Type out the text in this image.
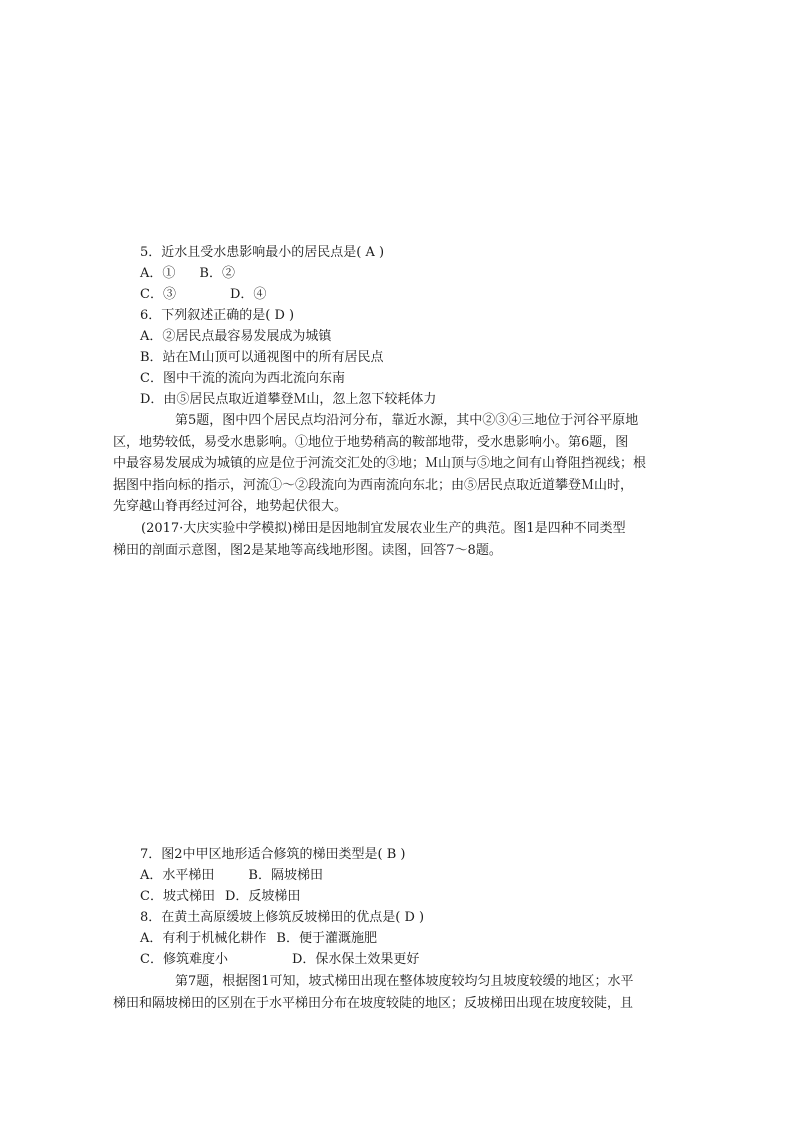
5．近水且受水患影响最小的居民点是( A )
A．① B．②
C．③	D．④
6．下列叙述正确的是( D )
A．②居民点最容易发展成为城镇
B．站在Ｍ山顶可以通视图中的所有居民点
C．图中干流的流向为西北流向东南
D．由⑤居民点取近道攀登Ｍ山，忽上忽下较耗体力
第5题，图中四个居民点均沿河分布，靠近水源，其中②③④三地位于河谷平原地
区，地势较低，易受水患影响。①地位于地势稍高的鞍部地带，受水患影响小。第6题，图
中最容易发展成为城镇的应是位于河流交汇处的③地；Ｍ山顶与⑤地之间有山脊阻挡视线；根
据图中指向标的指示，河流①～②段流向为西南流向东北；由⑤居民点取近道攀登Ｍ山时，
先穿越山脊再经过河谷，地势起伏很大。
(2017·大庆实验中学模拟)梯田是因地制宜发展农业生产的典范。图1是四种不同类型
梯田的剖面示意图，图2是某地等高线地形图。读图，回答7～8题。
7．图2中甲区地形适合修筑的梯田类型是( B )
A．水平梯田	B．隔坡梯田
C．坡式梯田 D．反坡梯田
8．在黄土高原缓坡上修筑反坡梯田的优点是( D )
A．有利于机械化耕作 B．便于灌溉施肥
C．修筑难度小	D．保水保土效果更好
第7题，根据图1可知，坡式梯田出现在整体坡度较均匀且坡度较缓的地区；水平
梯田和隔坡梯田的区别在于水平梯田分布在坡度较陡的地区；反坡梯田出现在坡度较陡，且
